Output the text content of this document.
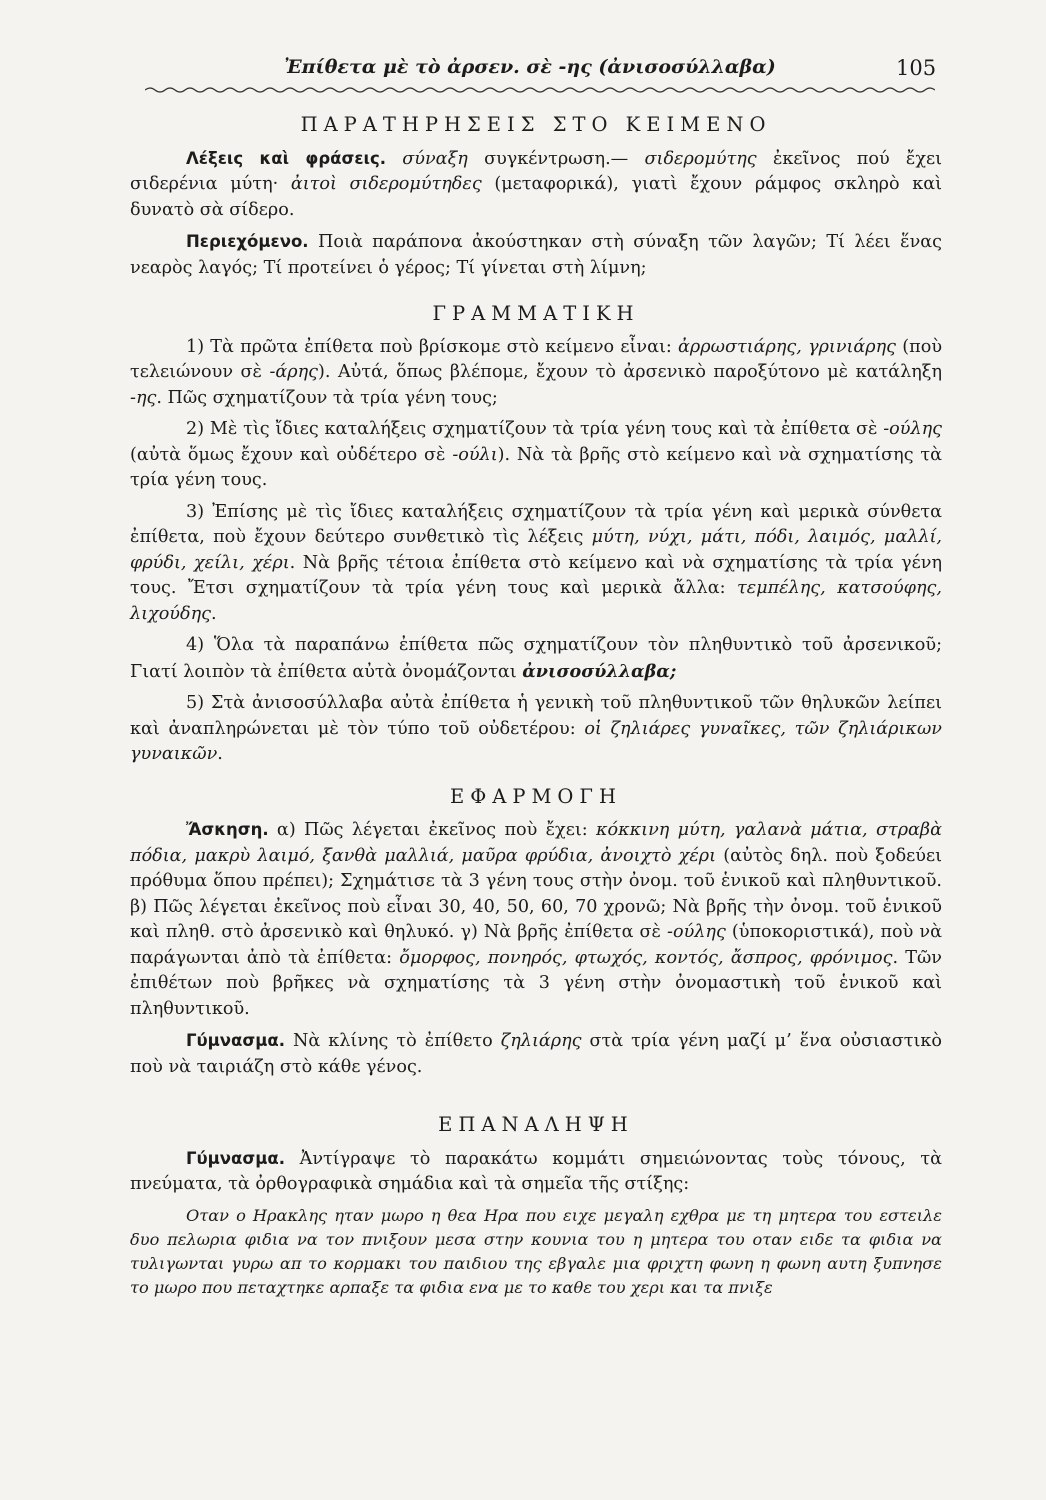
Ἐπίθετα μὲ τὸ ἀρσεν. σὲ -ης (ἀνισοσύλλαβα)	105
ΠΑΡΑΤΗΡΗΣΕΙΣ ΣΤΟ ΚΕΙΜΕΝΟ

Λέξεις καὶ φράσεις. σύναξη συγκέντρωση.— σιδερομύτης ἐκεῖνος πού ἔχει σιδερένια μύτη· ἀιτοὶ σιδερομύτηδες (μεταφορικά), γιατὶ ἔχουν ράμφος σκληρὸ καὶ δυνατὸ σὰ σίδερο.

Περιεχόμενο. Ποιὰ παράπονα ἀκούστηκαν στὴ σύναξη τῶν λαγῶν; Τί λέει ἕνας νεαρὸς λαγός; Τί προτείνει ὁ γέρος; Τί γίνεται στὴ λίμνη;

ΓΡΑΜΜΑΤΙΚΗ

1) Τὰ πρῶτα ἐπίθετα ποὺ βρίσκομε στὸ κείμενο εἶναι: ἀρρωστιάρης, γρινιάρης (ποὺ τελειώνουν σὲ -άρης). Αὐτά, ὅπως βλέπομε, ἔχουν τὸ ἀρσενικὸ παροξύτονο μὲ κατάληξη -ης. Πῶς σχηματίζουν τὰ τρία γένη τους;

2) Μὲ τὶς ἴδιες καταλήξεις σχηματίζουν τὰ τρία γένη τους καὶ τὰ ἐπίθετα σὲ -ούλης (αὐτὰ ὅμως ἔχουν καὶ οὐδέτερο σὲ -ούλι). Νὰ τὰ βρῆς στὸ κείμενο καὶ νὰ σχηματίσης τὰ τρία γένη τους.

3) Ἐπίσης μὲ τὶς ἴδιες καταλήξεις σχηματίζουν τὰ τρία γένη καὶ μερικὰ σύνθετα ἐπίθετα, ποὺ ἔχουν δεύτερο συνθετικὸ τὶς λέξεις μύτη, νύχι, μάτι, πόδι, λαιμός, μαλλί, φρύδι, χείλι, χέρι. Νὰ βρῆς τέτοια ἐπίθετα στὸ κείμενο καὶ νὰ σχηματίσης τὰ τρία γένη τους. Ἔτσι σχηματίζουν τὰ τρία γένη τους καὶ μερικὰ ἄλλα: τεμπέλης, κατσούφης, λιχούδης.

4) Ὅλα τὰ παραπάνω ἐπίθετα πῶς σχηματίζουν τὸν πληθυντικὸ τοῦ ἀρσενικοῦ; Γιατί λοιπὸν τὰ ἐπίθετα αὐτὰ ὀνομάζονται ἀνισοσύλλαβα;

5) Στὰ ἀνισοσύλλαβα αὐτὰ ἐπίθετα ἡ γενικὴ τοῦ πληθυντικοῦ τῶν θηλυκῶν λείπει καὶ ἀναπληρώνεται μὲ τὸν τύπο τοῦ οὐδετέρου: οἱ ζηλιάρες γυναῖκες, τῶν ζηλιάρικων γυναικῶν.

ΕΦΑΡΜΟΓΗ

Ἄσκηση. α) Πῶς λέγεται ἐκεῖνος ποὺ ἔχει: κόκκινη μύτη, γαλανὰ μάτια, στραβὰ πόδια, μακρὺ λαιμό, ξανθὰ μαλλιά, μαῦρα φρύδια, ἀνοιχτὸ χέρι (αὐτὸς δηλ. ποὺ ξοδεύει πρόθυμα ὅπου πρέπει); Σχημάτισε τὰ 3 γένη τους στὴν ὀνομ. τοῦ ἑνικοῦ καὶ πληθυντικοῦ. β) Πῶς λέγεται ἐκεῖνος ποὺ εἶναι 30, 40, 50, 60, 70 χρονῶ; Νὰ βρῆς τὴν ὀνομ. τοῦ ἑνικοῦ καὶ πληθ. στὸ ἀρσενικὸ καὶ θηλυκό. γ) Νὰ βρῆς ἐπίθετα σὲ -ούλης (ὑποκοριστικά), ποὺ νὰ παράγωνται ἀπὸ τὰ ἐπίθετα: ὄμορφος, πονηρός, φτωχός, κοντός, ἄσπρος, φρόνιμος. Τῶν ἐπιθέτων ποὺ βρῆκες νὰ σχηματίσης τὰ 3 γένη στὴν ὀνομαστικὴ τοῦ ἑνικοῦ καὶ πληθυντικοῦ.

Γύμνασμα. Νὰ κλίνης τὸ ἐπίθετο ζηλιάρης στὰ τρία γένη μαζί μ’ ἕνα οὐσιαστικὸ ποὺ νὰ ταιριάζη στὸ κάθε γένος.

ΕΠΑΝΑΛΗΨΗ

Γύμνασμα. Ἀντίγραψε τὸ παρακάτω κομμάτι σημειώνοντας τοὺς τόνους, τὰ πνεύματα, τὰ ὀρθογραφικὰ σημάδια καὶ τὰ σημεῖα τῆς στίξης:

Οταν ο Ηρακλης ηταν μωρο η θεα Ηρα που ειχε μεγαλη εχθρα με τη μητερα του εστειλε δυο πελωρια φιδια να τον πνιξουν μεσα στην κουνια του η μητερα του οταν ειδε τα φιδια να τυλιγωνται γυρω απ το κορμακι του παιδιου της εβγαλε μια φριχτη φωνη η φωνη αυτη ξυπνησε το μωρο που πεταχτηκε αρπαξε τα φιδια ενα με το καθε του χερι και τα πνιξε
